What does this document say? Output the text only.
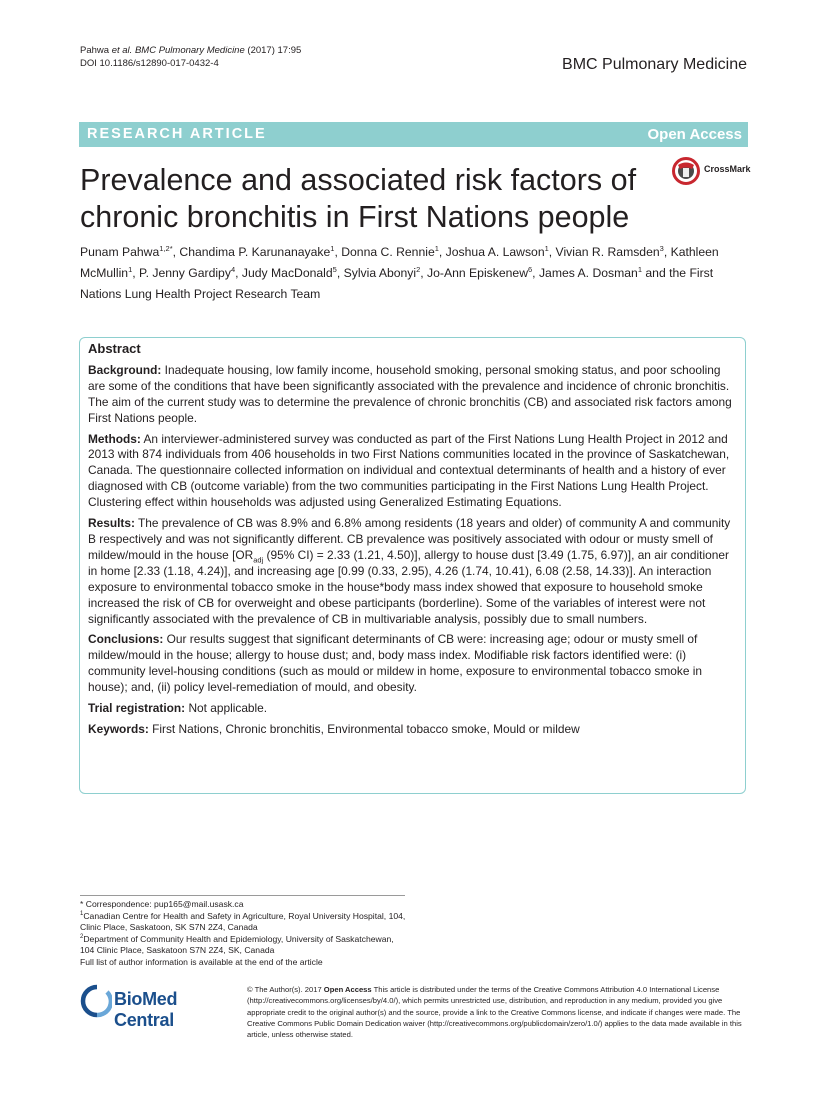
Pahwa et al. BMC Pulmonary Medicine (2017) 17:95
DOI 10.1186/s12890-017-0432-4	BMC Pulmonary Medicine
RESEARCH ARTICLE	Open Access
CrossMark
Prevalence and associated risk factors of chronic bronchitis in First Nations people
Punam Pahwa$^{1,2*}$, Chandima P. Karunanayake$^1$, Donna C. Rennie$^1$, Joshua A. Lawson$^1$, Vivian R. Ramsden$^3$, Kathleen McMullin$^1$, P. Jenny Gardipy$^4$, Judy MacDonald$^5$, Sylvia Abonyi$^2$, Jo-Ann Episkenew$^6$, James A. Dosman$^1$ and the First Nations Lung Health Project Research Team
Abstract

Background: Inadequate housing, low family income, household smoking, personal smoking status, and poor schooling are some of the conditions that have been significantly associated with the prevalence and incidence of chronic bronchitis. The aim of the current study was to determine the prevalence of chronic bronchitis (CB) and associated risk factors among First Nations people.

Methods: An interviewer-administered survey was conducted as part of the First Nations Lung Health Project in 2012 and 2013 with 874 individuals from 406 households in two First Nations communities located in the province of Saskatchewan, Canada. The questionnaire collected information on individual and contextual determinants of health and a history of ever diagnosed with CB (outcome variable) from the two communities participating in the First Nations Lung Health Project. Clustering effect within households was adjusted using Generalized Estimating Equations.

Results: The prevalence of CB was 8.9% and 6.8% among residents (18 years and older) of community A and community B respectively and was not significantly different. CB prevalence was positively associated with odour or musty smell of mildew/mould in the house [$OR_{adj}$ (95% CI) = 2.33 (1.21, 4.50)], allergy to house dust [3.49 (1.75, 6.97)], an air conditioner in home [2.33 (1.18, 4.24)], and increasing age [0.99 (0.33, 2.95), 4.26 (1.74, 10.41), 6.08 (2.58, 14.33)]. An interaction exposure to environmental tobacco smoke in the house*body mass index showed that exposure to household smoke increased the risk of CB for overweight and obese participants (borderline). Some of the variables of interest were not significantly associated with the prevalence of CB in multivariable analysis, possibly due to small numbers.

Conclusions: Our results suggest that significant determinants of CB were: increasing age; odour or musty smell of mildew/mould in the house; allergy to house dust; and, body mass index. Modifiable risk factors identified were: (i) community level-housing conditions (such as mould or mildew in home, exposure to environmental tobacco smoke in house); and, (ii) policy level-remediation of mould, and obesity.

Trial registration: Not applicable.

Keywords: First Nations, Chronic bronchitis, Environmental tobacco smoke, Mould or mildew

* Correspondence: pup165@mail.usask.ca
$^1$Canadian Centre for Health and Safety in Agriculture, Royal University Hospital, 104, Clinic Place, Saskatoon, SK S7N 2Z4, Canada
$^2$Department of Community Health and Epidemiology, University of Saskatchewan, 104 Clinic Place, Saskatoon S7N 2Z4, SK, Canada
Full list of author information is available at the end of the article
BioMed Central
© The Author(s). 2017 Open Access This article is distributed under the terms of the Creative Commons Attribution 4.0 International License (http://creativecommons.org/licenses/by/4.0/), which permits unrestricted use, distribution, and reproduction in any medium, provided you give appropriate credit to the original author(s) and the source, provide a link to the Creative Commons license, and indicate if changes were made. The Creative Commons Public Domain Dedication waiver (http://creativecommons.org/publicdomain/zero/1.0/) applies to the data made available in this article, unless otherwise stated.
